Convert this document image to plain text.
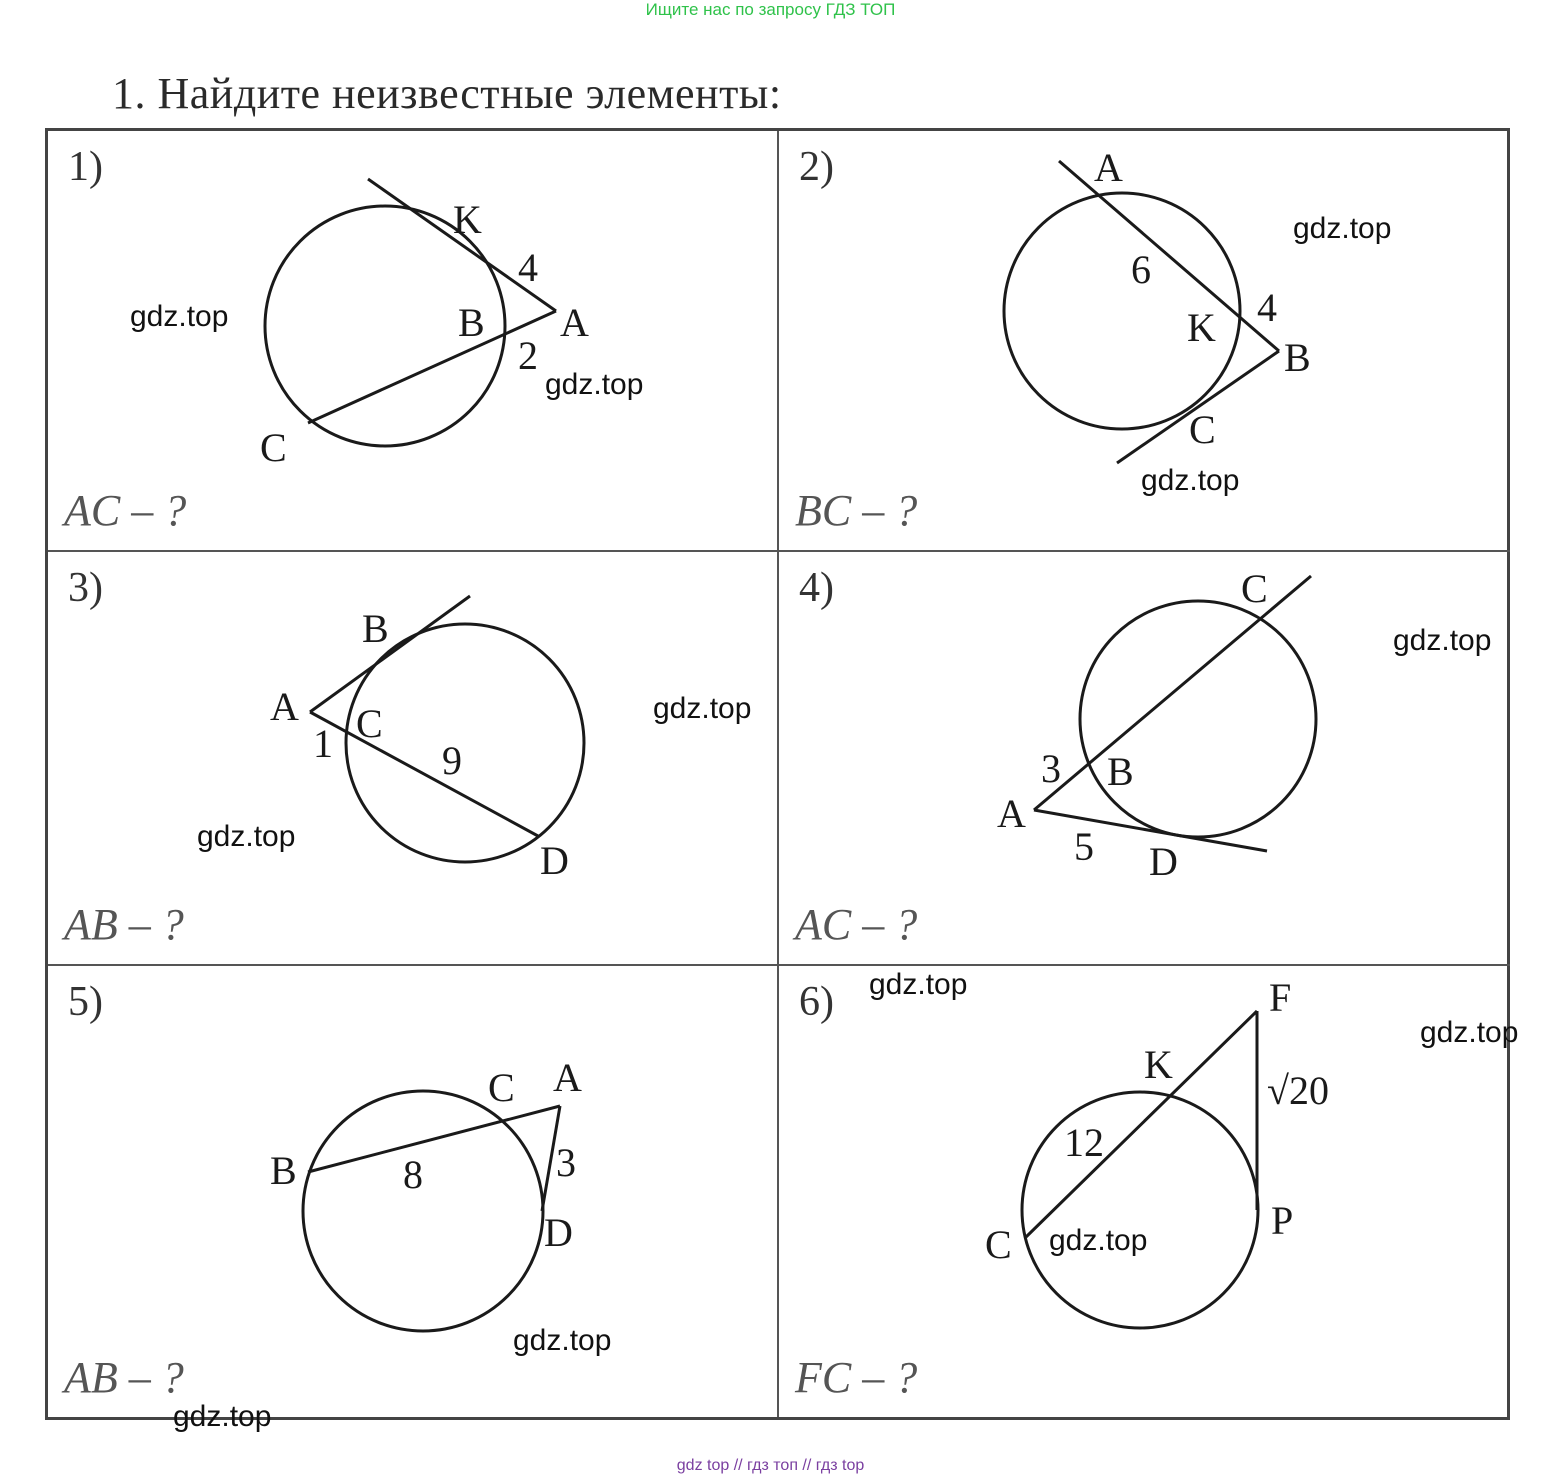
Ищите нас по запросу ГДЗ ТОП
1. Найдите неизвестные элементы:
1)
K
4
B A
2
C
AC – ?
2)	A
6
K 4
B
C
BC – ?
3)
B
A C
1	9
D
AB – ?
4)	C
3 B
A
5 D
AC – ?
5)
C A
B	8	3
D
AB – ?
6)	F
K
√20
12
P
C
FC – ?
gdz.top
gdz.top
gdz.top
gdz.top
gdz.top
gdz.top
gdz.top
gdz.top
gdz.top
gdz.top
gdz.top
gdz.top
gdz top // гдз топ // гдз top
